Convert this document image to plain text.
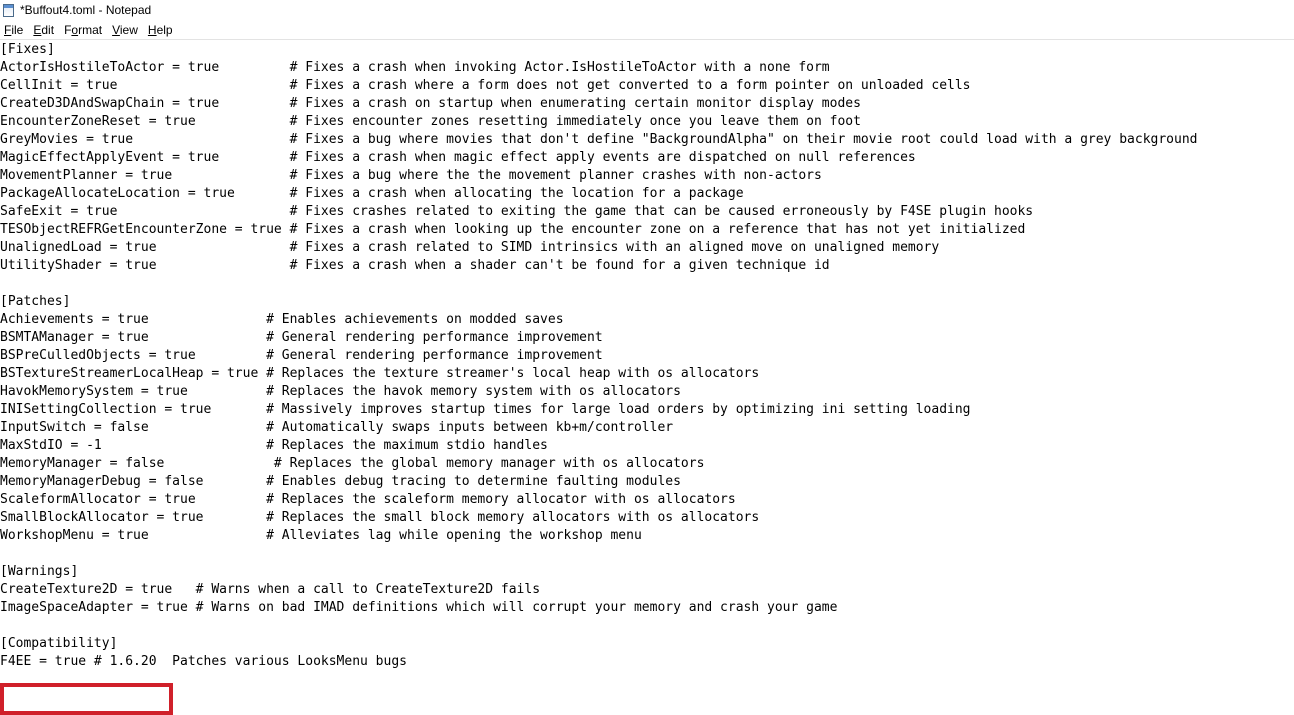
*Buffout4.toml - Notepad
File Edit Format View Help
[Fixes]
ActorIsHostileToActor = true         # Fixes a crash when invoking Actor.IsHostileToActor with a none form
CellInit = true                      # Fixes a crash where a form does not get converted to a form pointer on unloaded cells
CreateD3DAndSwapChain = true         # Fixes a crash on startup when enumerating certain monitor display modes
EncounterZoneReset = true            # Fixes encounter zones resetting immediately once you leave them on foot
GreyMovies = true                    # Fixes a bug where movies that don't define "BackgroundAlpha" on their movie root could load with a grey background
MagicEffectApplyEvent = true         # Fixes a crash when magic effect apply events are dispatched on null references
MovementPlanner = true               # Fixes a bug where the the movement planner crashes with non-actors
PackageAllocateLocation = true       # Fixes a crash when allocating the location for a package
SafeExit = true                      # Fixes crashes related to exiting the game that can be caused erroneously by F4SE plugin hooks
TESObjectREFRGetEncounterZone = true # Fixes a crash when looking up the encounter zone on a reference that has not yet initialized
UnalignedLoad = true                 # Fixes a crash related to SIMD intrinsics with an aligned move on unaligned memory
UtilityShader = true                 # Fixes a crash when a shader can't be found for a given technique id
[Patches]
Achievements = true               # Enables achievements on modded saves
BSMTAManager = true               # General rendering performance improvement
BSPreCulledObjects = true         # General rendering performance improvement
BSTextureStreamerLocalHeap = true # Replaces the texture streamer's local heap with os allocators
HavokMemorySystem = true          # Replaces the havok memory system with os allocators
INISettingCollection = true       # Massively improves startup times for large load orders by optimizing ini setting loading
InputSwitch = false               # Automatically swaps inputs between kb+m/controller
MaxStdIO = -1                     # Replaces the maximum stdio handles
MemoryManager = false              # Replaces the global memory manager with os allocators
MemoryManagerDebug = false        # Enables debug tracing to determine faulting modules
ScaleformAllocator = true         # Replaces the scaleform memory allocator with os allocators
SmallBlockAllocator = true        # Replaces the small block memory allocators with os allocators
WorkshopMenu = true               # Alleviates lag while opening the workshop menu
[Warnings]
CreateTexture2D = true   # Warns when a call to CreateTexture2D fails
ImageSpaceAdapter = true # Warns on bad IMAD definitions which will corrupt your memory and crash your game
[Compatibility]
F4EE = true # 1.6.20  Patches various LooksMenu bugs
